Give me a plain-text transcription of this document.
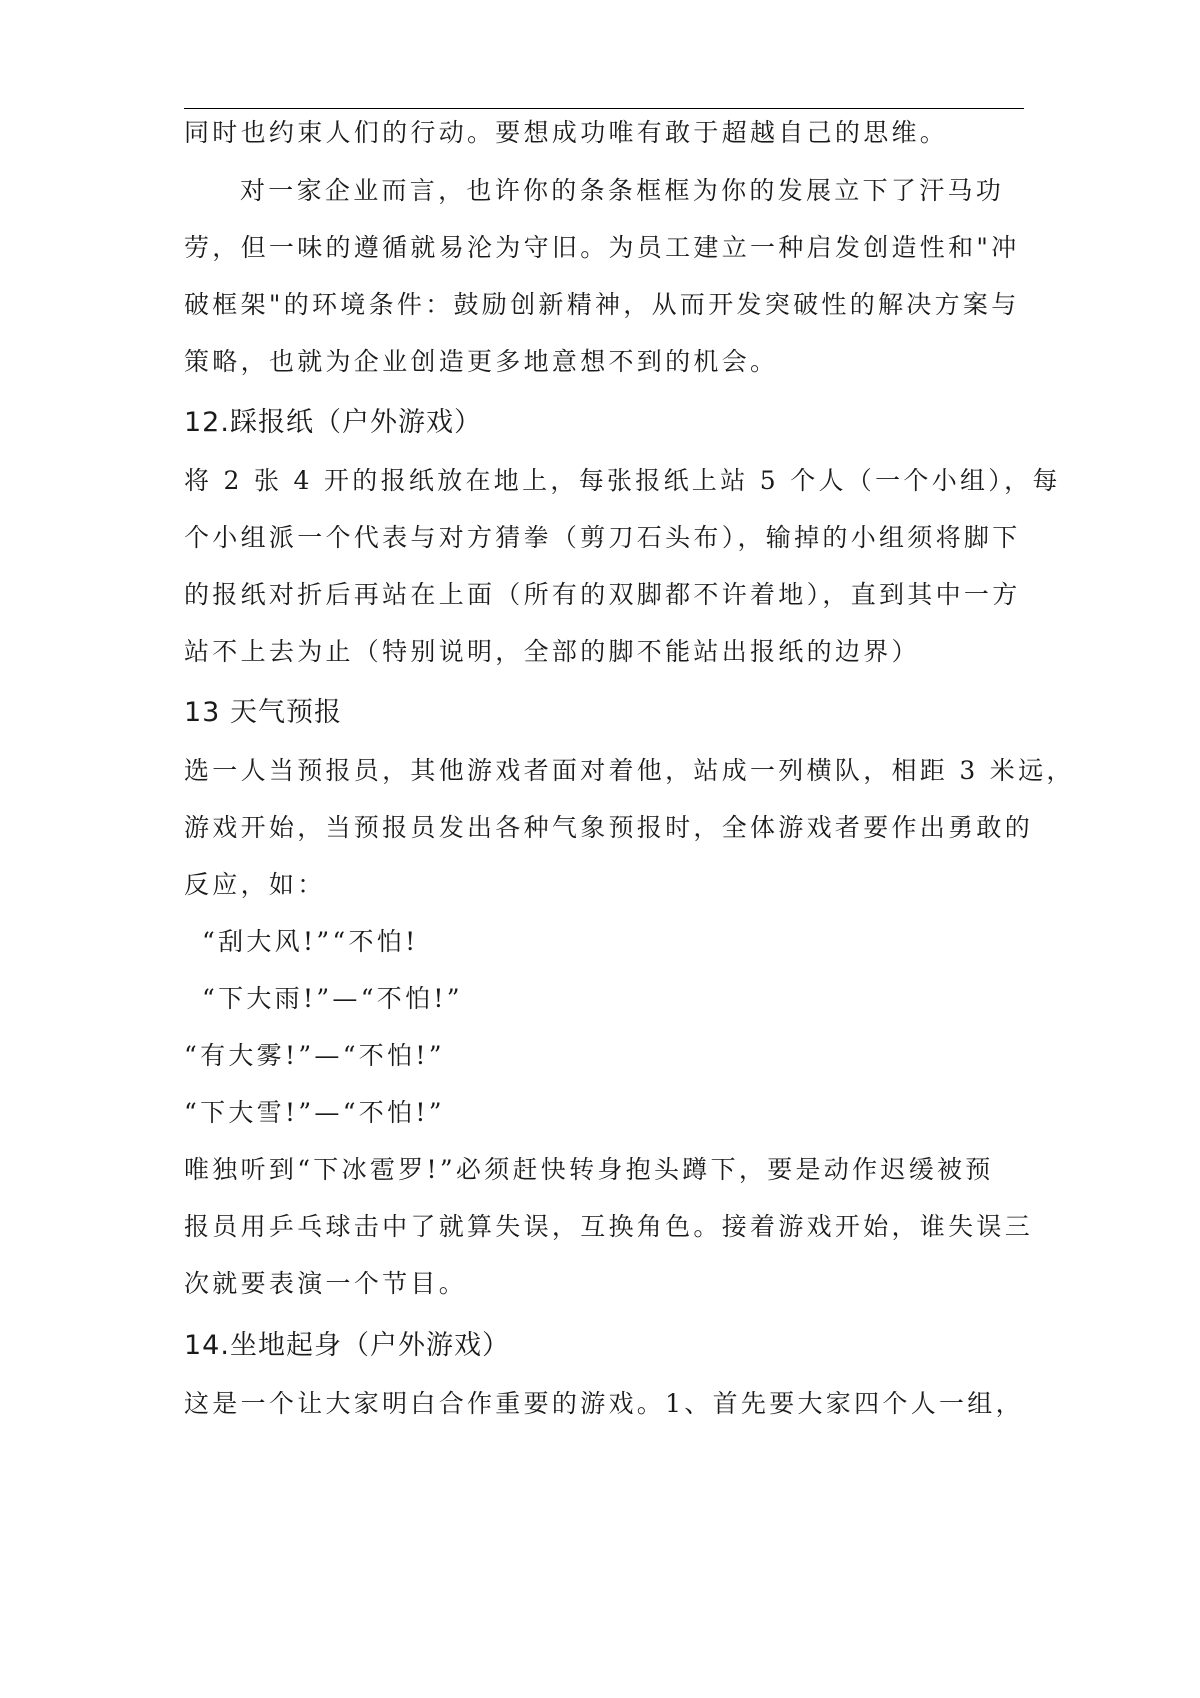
同时也约束人们的行动。要想成功唯有敢于超越自己的思维。
对一家企业而言，也许你的条条框框为你的发展立下了汗马功
劳，但一味的遵循就易沦为守旧。为员工建立一种启发创造性和"冲
破框架"的环境条件：鼓励创新精神，从而开发突破性的解决方案与
策略，也就为企业创造更多地意想不到的机会。
12.踩报纸（户外游戏）
将 2 张 4 开的报纸放在地上，每张报纸上站 5 个人（一个小组），每
个小组派一个代表与对方猜拳（剪刀石头布），输掉的小组须将脚下
的报纸对折后再站在上面（所有的双脚都不许着地），直到其中一方
站不上去为止（特别说明，全部的脚不能站出报纸的边界）
13 天气预报
选一人当预报员，其他游戏者面对着他，站成一列横队，相距 3 米远，
游戏开始，当预报员发出各种气象预报时，全体游戏者要作出勇敢的
反应，如：
“刮大风!”“不怕!
“下大雨!”—“不怕!”
“有大雾!”—“不怕!”
“下大雪!”—“不怕!”
唯独听到“下冰雹罗!”必须赶快转身抱头蹲下，要是动作迟缓被预
报员用乒乓球击中了就算失误，互换角色。接着游戏开始，谁失误三
次就要表演一个节目。
14.坐地起身（户外游戏）
这是一个让大家明白合作重要的游戏。1、首先要大家四个人一组，
